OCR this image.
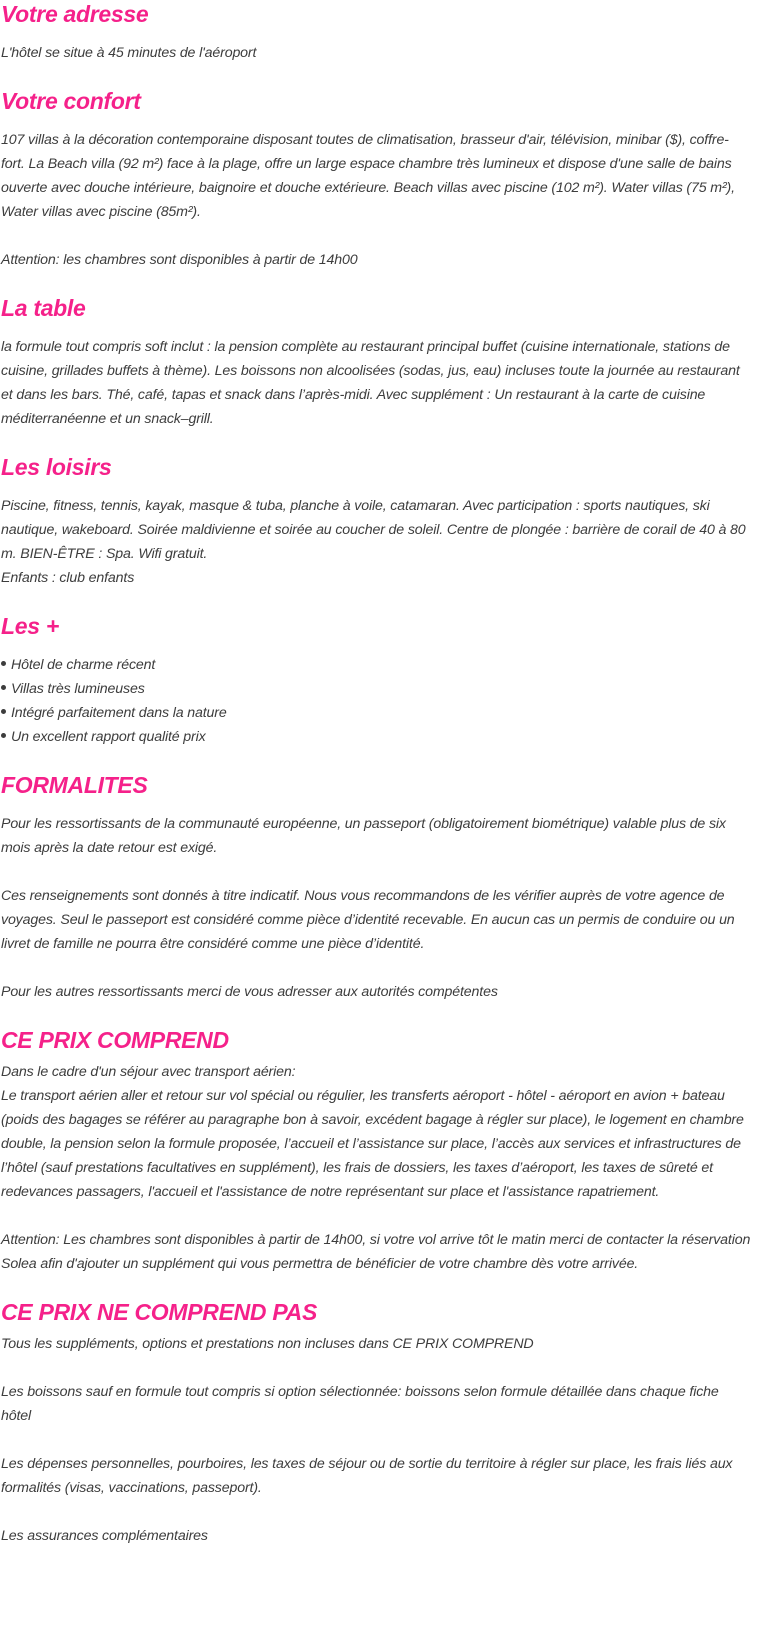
Votre adresse

L'hôtel se situe à 45 minutes de l'aéroport

Votre confort

107 villas à la décoration contemporaine disposant toutes de climatisation, brasseur d'air, télévision, minibar ($), coffre-fort. La Beach villa (92 m²) face à la plage, offre un large espace chambre très lumineux et dispose d'une salle de bains ouverte avec douche intérieure, baignoire et douche extérieure. Beach villas avec piscine (102 m²). Water villas (75 m²), Water villas avec piscine (85m²).

Attention: les chambres sont disponibles à partir de 14h00

La table

la formule tout compris soft inclut : la pension complète au restaurant principal buffet (cuisine internationale, stations de cuisine, grillades buffets à thème). Les boissons non alcoolisées (sodas, jus, eau) incluses toute la journée au restaurant et dans les bars. Thé, café, tapas et snack dans l’après-midi. Avec supplément : Un restaurant à la carte de cuisine méditerranéenne et un snack–grill.

Les loisirs

Piscine, fitness, tennis, kayak, masque & tuba, planche à voile, catamaran. Avec participation : sports nautiques, ski nautique, wakeboard. Soirée maldivienne et soirée au coucher de soleil. Centre de plongée : barrière de corail de 40 à 80 m. BIEN-ÊTRE : Spa. Wifi gratuit.

Enfants : club enfants

Les +
Hôtel de charme récent
Villas très lumineuses
Intégré parfaitement dans la nature
Un excellent rapport qualité prix
FORMALITES

Pour les ressortissants de la communauté européenne, un passeport (obligatoirement biométrique) valable plus de six mois après la date retour est exigé.

Ces renseignements sont donnés à titre indicatif. Nous vous recommandons de les vérifier auprès de votre agence de voyages. Seul le passeport est considéré comme pièce d’identité recevable. En aucun cas un permis de conduire ou un livret de famille ne pourra être considéré comme une pièce d’identité.

Pour les autres ressortissants merci de vous adresser aux autorités compétentes

CE PRIX COMPREND

Dans le cadre d'un séjour avec transport aérien:

Le transport aérien aller et retour sur vol spécial ou régulier, les transferts aéroport - hôtel - aéroport en avion + bateau (poids des bagages se référer au paragraphe bon à savoir, excédent bagage à régler sur place), le logement en chambre double, la pension selon la formule proposée, l’accueil et l’assistance sur place, l’accès aux services et infrastructures de l’hôtel (sauf prestations facultatives en supplément), les frais de dossiers, les taxes d’aéroport, les taxes de sûreté et redevances passagers, l'accueil et l'assistance de notre représentant sur place et l'assistance rapatriement.

Attention: Les chambres sont disponibles à partir de 14h00, si votre vol arrive tôt le matin merci de contacter la réservation Solea afin d'ajouter un supplément qui vous permettra de bénéficier de votre chambre dès votre arrivée.

CE PRIX NE COMPREND PAS

Tous les suppléments, options et prestations non incluses dans CE PRIX COMPREND

Les boissons sauf en formule tout compris si option sélectionnée: boissons selon formule détaillée dans chaque fiche hôtel

Les dépenses personnelles, pourboires, les taxes de séjour ou de sortie du territoire à régler sur place, les frais liés aux formalités (visas, vaccinations, passeport).

Les assurances complémentaires
